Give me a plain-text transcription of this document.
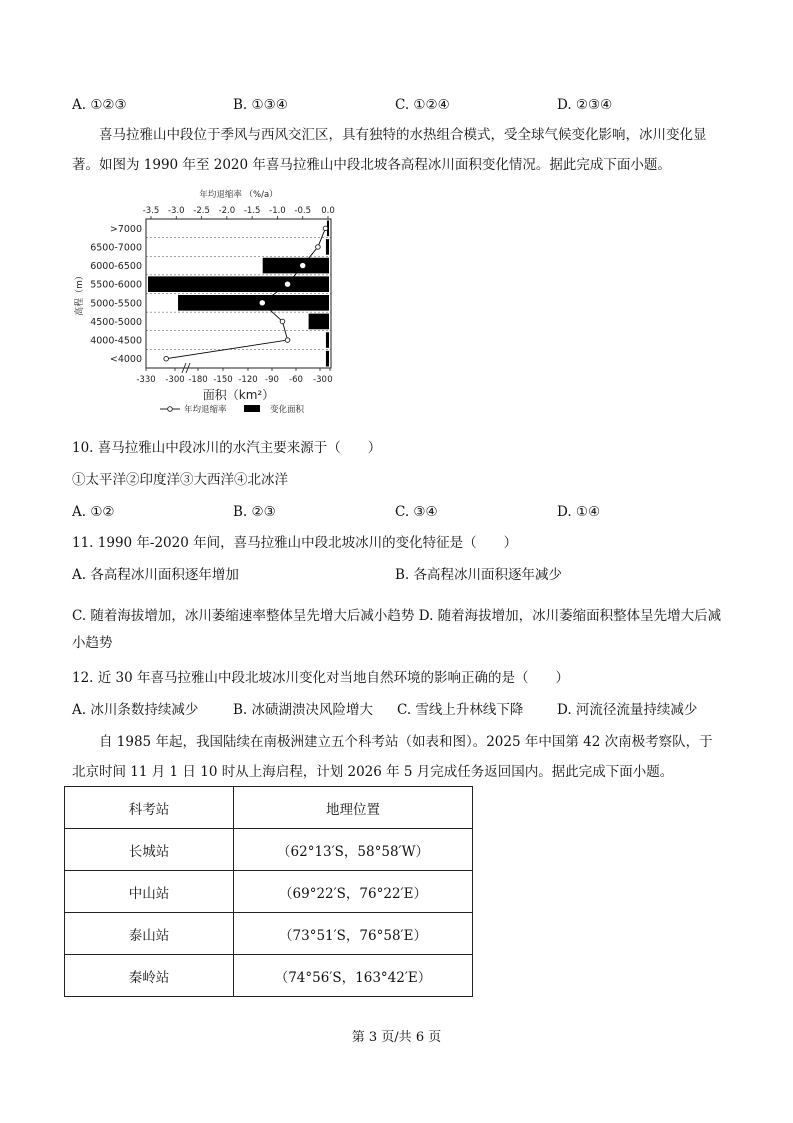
A. ①②③	B. ①③④	C. ①②④	D. ②③④
喜马拉雅山中段位于季风与西风交汇区，具有独特的水热组合模式，受全球气候变化影响，冰川变化显著。如图为 1990 年至 2020 年喜马拉雅山中段北坡各高程冰川面积变化情况。据此完成下面小题。
高程（m）
>7000
6500-7000
6000-6500
5500-6000
5000-5500
4500-5000
4000-4500
<4000
-330 -300 -180 -150 -120 -90 -60 -30 0
面积（km²）
-3.5 -3.0 -2.5 -2.0 -1.5 -1.0 -0.5 0.0
年均退缩率 （%/a）
年均退缩率	变化面积
10. 喜马拉雅山中段冰川的水汽主要来源于（　　）
①太平洋②印度洋③大西洋④北冰洋
A. ①②	B. ②③	C. ③④	D. ①④
11. 1990 年-2020 年间，喜马拉雅山中段北坡冰川的变化特征是（　　）
A. 各高程冰川面积逐年增加	B. 各高程冰川面积逐年减少
C. 随着海拔增加，冰川萎缩速率整体呈先增大后减小趋势 D. 随着海拔增加，冰川萎缩面积整体呈先增大后减小趋势
12. 近 30 年喜马拉雅山中段北坡冰川变化对当地自然环境的影响正确的是（　　）
A. 冰川条数持续减少	B. 冰碛湖溃决风险增大 C. 雪线上升林线下降 D. 河流径流量持续减少
自 1985 年起，我国陆续在南极洲建立五个科考站（如表和图）。2025 年中国第 42 次南极考察队，于北京时间 11 月 1 日 10 时从上海启程，计划 2026 年 5 月完成任务返回国内。据此完成下面小题。
科考站	地理位置
长城站	（62°13′S，58°58′W）
中山站	（69°22′S，76°22′E）
泰山站	（73°51′S，76°58′E）
秦岭站	（74°56′S，163°42′E）
第 3 页/共 6 页
